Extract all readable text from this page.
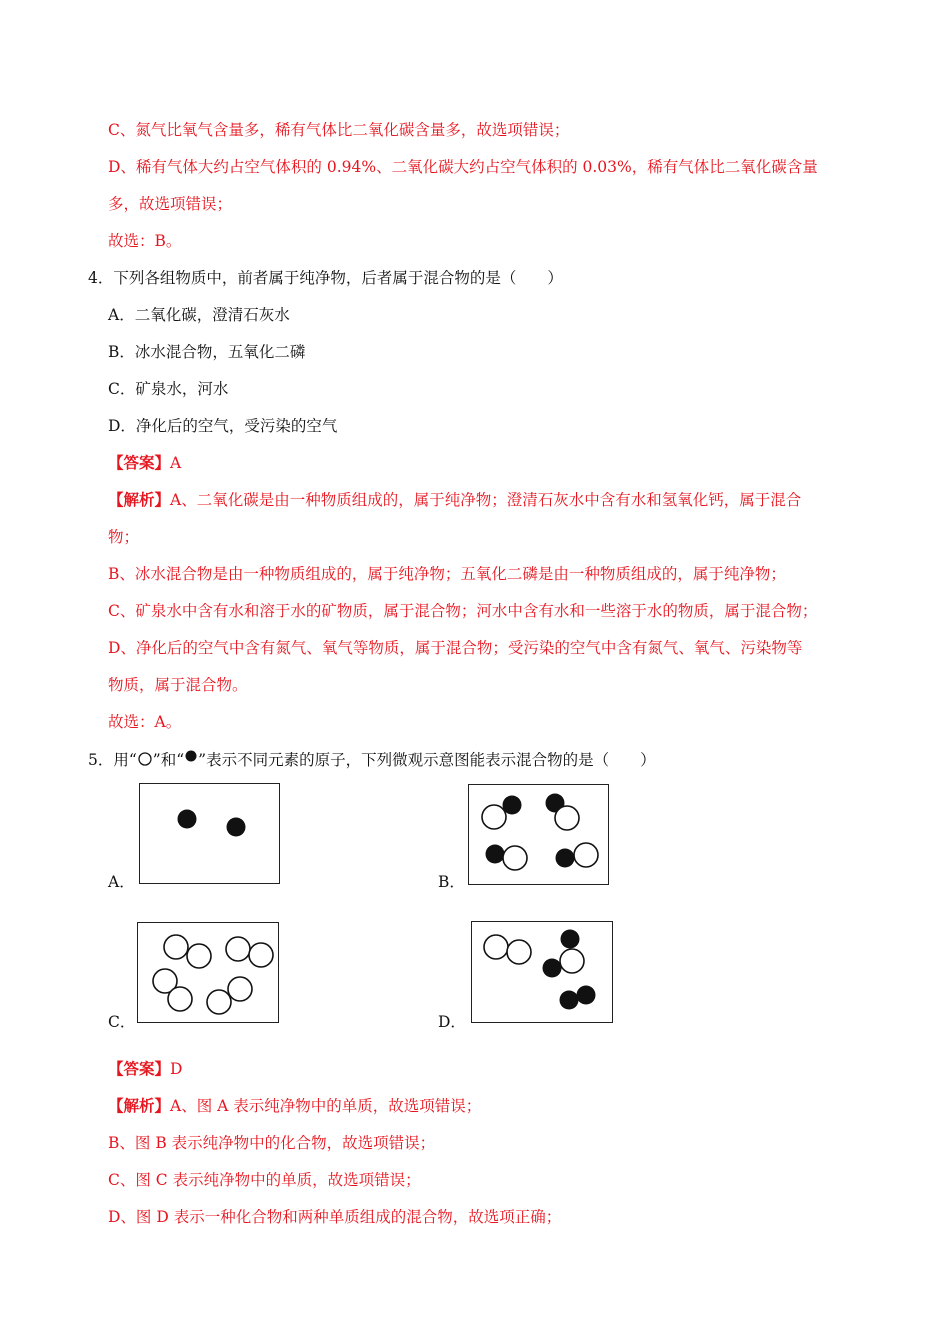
C、氮气比氧气含量多，稀有气体比二氧化碳含量多，故选项错误；
D、稀有气体大约占空气体积的 0.94%、二氧化碳大约占空气体积的 0.03%，稀有气体比二氧化碳含量
多，故选项错误；
故选：B。
4．下列各组物质中，前者属于纯净物，后者属于混合物的是（　　）
A．二氧化碳，澄清石灰水
B．冰水混合物，五氧化二磷
C．矿泉水，河水
D．净化后的空气，受污染的空气
【答案】A
【解析】A、二氧化碳是由一种物质组成的，属于纯净物；澄清石灰水中含有水和氢氧化钙，属于混合
物；
B、冰水混合物是由一种物质组成的，属于纯净物；五氧化二磷是由一种物质组成的，属于纯净物；
C、矿泉水中含有水和溶于水的矿物质，属于混合物；河水中含有水和一些溶于水的物质，属于混合物；
D、净化后的空气中含有氮气、氧气等物质，属于混合物；受污染的空气中含有氮气、氧气、污染物等
物质，属于混合物。
故选：A。
5．用“ ”和“ ”表示不同元素的原子，下列微观示意图能表示混合物的是（　　）
A．	B．
C．	D．
【答案】D
【解析】A、图 A 表示纯净物中的单质，故选项错误；
B、图 B 表示纯净物中的化合物，故选项错误；
C、图 C 表示纯净物中的单质，故选项错误；
D、图 D 表示一种化合物和两种单质组成的混合物，故选项正确；
